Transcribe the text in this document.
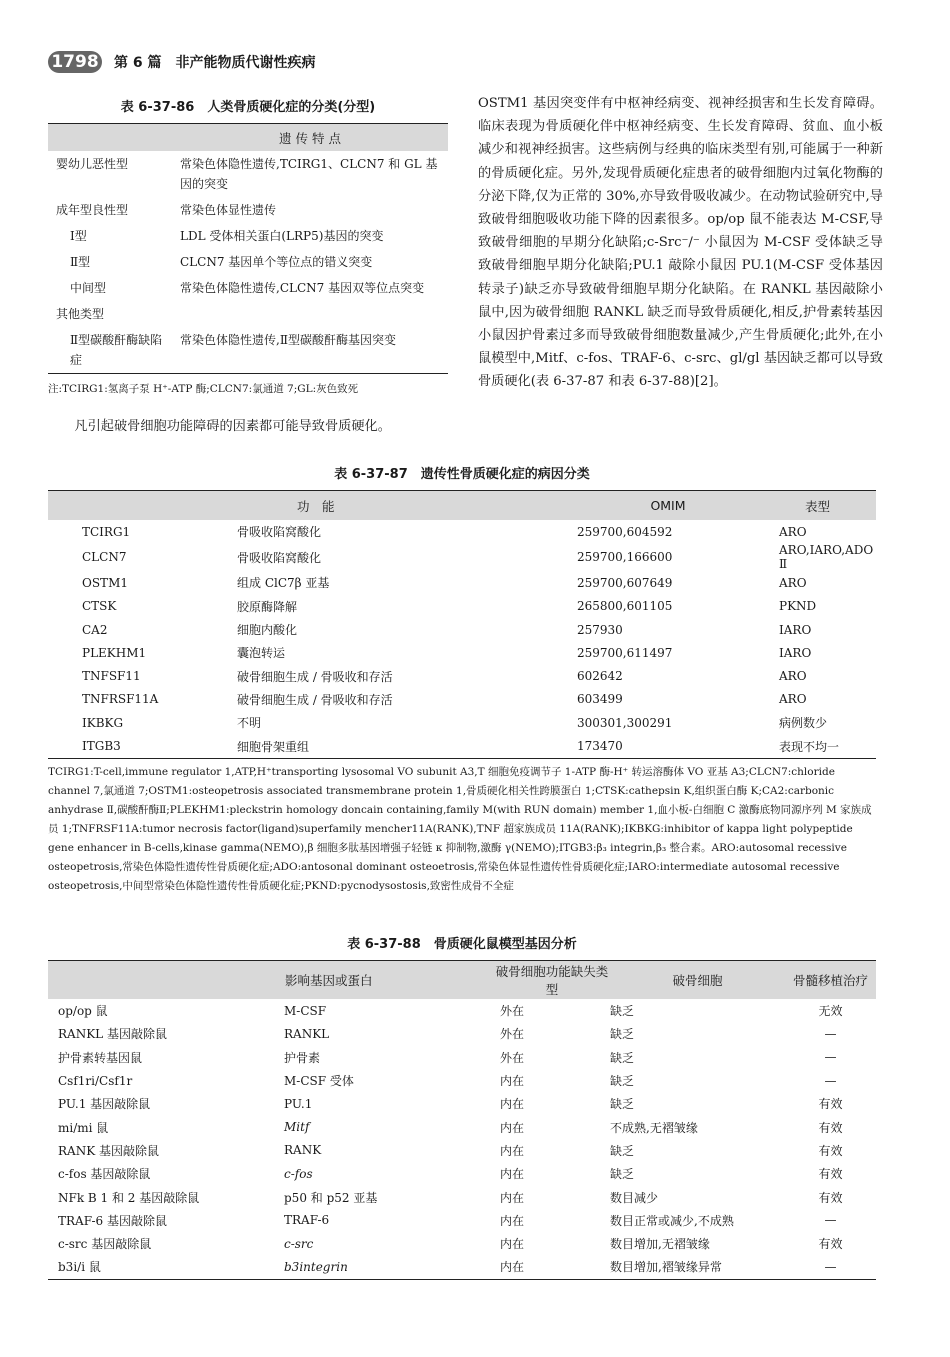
1798 第 6 篇 非产能物质代谢性疾病
表 6-37-86　人类骨质硬化症的分类(分型)
	遗 传 特 点
婴幼儿恶性型	常染色体隐性遗传,TCIRG1、CLCN7 和 GL 基因的突变
成年型良性型	常染色体显性遗传
Ⅰ型	LDL 受体相关蛋白(LRP5)基因的突变
Ⅱ型	CLCN7 基因单个等位点的错义突变
中间型	常染色体隐性遗传,CLCN7 基因双等位点突变
其他类型	
Ⅱ型碳酸酐酶缺陷症	常染色体隐性遗传,Ⅱ型碳酸酐酶基因突变
注:TCIRG1:氢离子泵 H⁺-ATP 酶;CLCN7:氯通道 7;GL:灰色致死
凡引起破骨细胞功能障碍的因素都可能导致骨质硬化。
OSTM1 基因突变伴有中枢神经病变、视神经损害和生长发育障碍。临床表现为骨质硬化伴中枢神经病变、生长发育障碍、贫血、血小板减少和视神经损害。这些病例与经典的临床类型有别,可能属于一种新的骨质硬化症。另外,发现骨质硬化症患者的破骨细胞内过氧化物酶的分泌下降,仅为正常的 30%,亦导致骨吸收减少。在动物试验研究中,导致破骨细胞吸收功能下降的因素很多。op/op 鼠不能表达 M-CSF,导致破骨细胞的早期分化缺陷;c-Src⁻/⁻ 小鼠因为 M-CSF 受体缺乏导致破骨细胞早期分化缺陷;PU.1 敲除小鼠因 PU.1(M-CSF 受体基因转录子)缺乏亦导致破骨细胞早期分化缺陷。在 RANKL 基因敲除小鼠中,因为破骨细胞 RANKL 缺乏而导致骨质硬化,相反,护骨素转基因小鼠因护骨素过多而导致破骨细胞数量减少,产生骨质硬化;此外,在小鼠模型中,Mitf、c-fos、TRAF-6、c-src、gl/gl 基因缺乏都可以导致骨质硬化(表 6-37-87 和表 6-37-88)[2]。
表 6-37-87　遗传性骨质硬化症的病因分类
	功　能	OMIM	表型
TCIRG1	骨吸收陷窝酸化	259700,604592	ARO
CLCN7	骨吸收陷窝酸化	259700,166600	ARO,IARO,ADO Ⅱ
OSTM1	组成 ClC7β 亚基	259700,607649	ARO
CTSK	胶原酶降解	265800,601105	PKND
CA2	细胞内酸化	257930	IARO
PLEKHM1	囊泡转运	259700,611497	IARO
TNFSF11	破骨细胞生成 / 骨吸收和存活	602642	ARO
TNFRSF11A	破骨细胞生成 / 骨吸收和存活	603499	ARO
IKBKG	不明	300301,300291	病例数少
ITGB3	细胞骨架重组	173470	表现不均一
TCIRG1:T-cell,immune regulator 1,ATP,H⁺transporting lysosomal VO subunit A3,T 细胞免疫调节子 1-ATP 酶-H⁺ 转运溶酶体 VO 亚基 A3;CLCN7:chloride channel 7,氯通道 7;OSTM1:osteopetrosis associated transmembrane protein 1,骨质硬化相关性跨膜蛋白 1;CTSK:cathepsin K,组织蛋白酶 K;CA2:carbonic anhydrase Ⅱ,碳酸酐酶Ⅱ;PLEKHM1:pleckstrin homology doncain containing,family M(with RUN domain) member 1,血小板-白细胞 C 激酶底物同源序列 M 家族成员 1;TNFRSF11A:tumor necrosis factor(ligand)superfamily mencher11A(RANK),TNF 超家族成员 11A(RANK);IKBKG:inhibitor of kappa light polypeptide gene enhancer in B-cells,kinase gamma(NEMO),β 细胞多肽基因增强子轻链 κ 抑制物,激酶 γ(NEMO);ITGB3:β₃ integrin,β₃ 整合素。ARO:autosomal recessive osteopetrosis,常染色体隐性遗传性骨质硬化症;ADO:antosonal dominant osteoetrosis,常染色体显性遗传性骨质硬化症;IARO:intermediate autosomal recessive osteopetrosis,中间型常染色体隐性遗传性骨质硬化症;PKND:pycnodysostosis,致密性成骨不全症
表 6-37-88　骨质硬化鼠模型基因分析
	影响基因或蛋白	破骨细胞功能缺失类型	破骨细胞	骨髓移植治疗
op/op 鼠	M-CSF	外在	缺乏	无效
RANKL 基因敲除鼠	RANKL	外在	缺乏	—
护骨素转基因鼠	护骨素	外在	缺乏	—
Csf1ri/Csf1r	M-CSF 受体	内在	缺乏	—
PU.1 基因敲除鼠	PU.1	内在	缺乏	有效
mi/mi 鼠	Mitf	内在	不成熟,无褶皱缘	有效
RANK 基因敲除鼠	RANK	内在	缺乏	有效
c-fos 基因敲除鼠	c-fos	内在	缺乏	有效
NFk B 1 和 2 基因敲除鼠	p50 和 p52 亚基	内在	数目减少	有效
TRAF-6 基因敲除鼠	TRAF-6	内在	数目正常或减少,不成熟	—
c-src 基因敲除鼠	c-src	内在	数目增加,无褶皱缘	有效
b3i/i 鼠	b3integrin	内在	数目增加,褶皱缘异常	—
